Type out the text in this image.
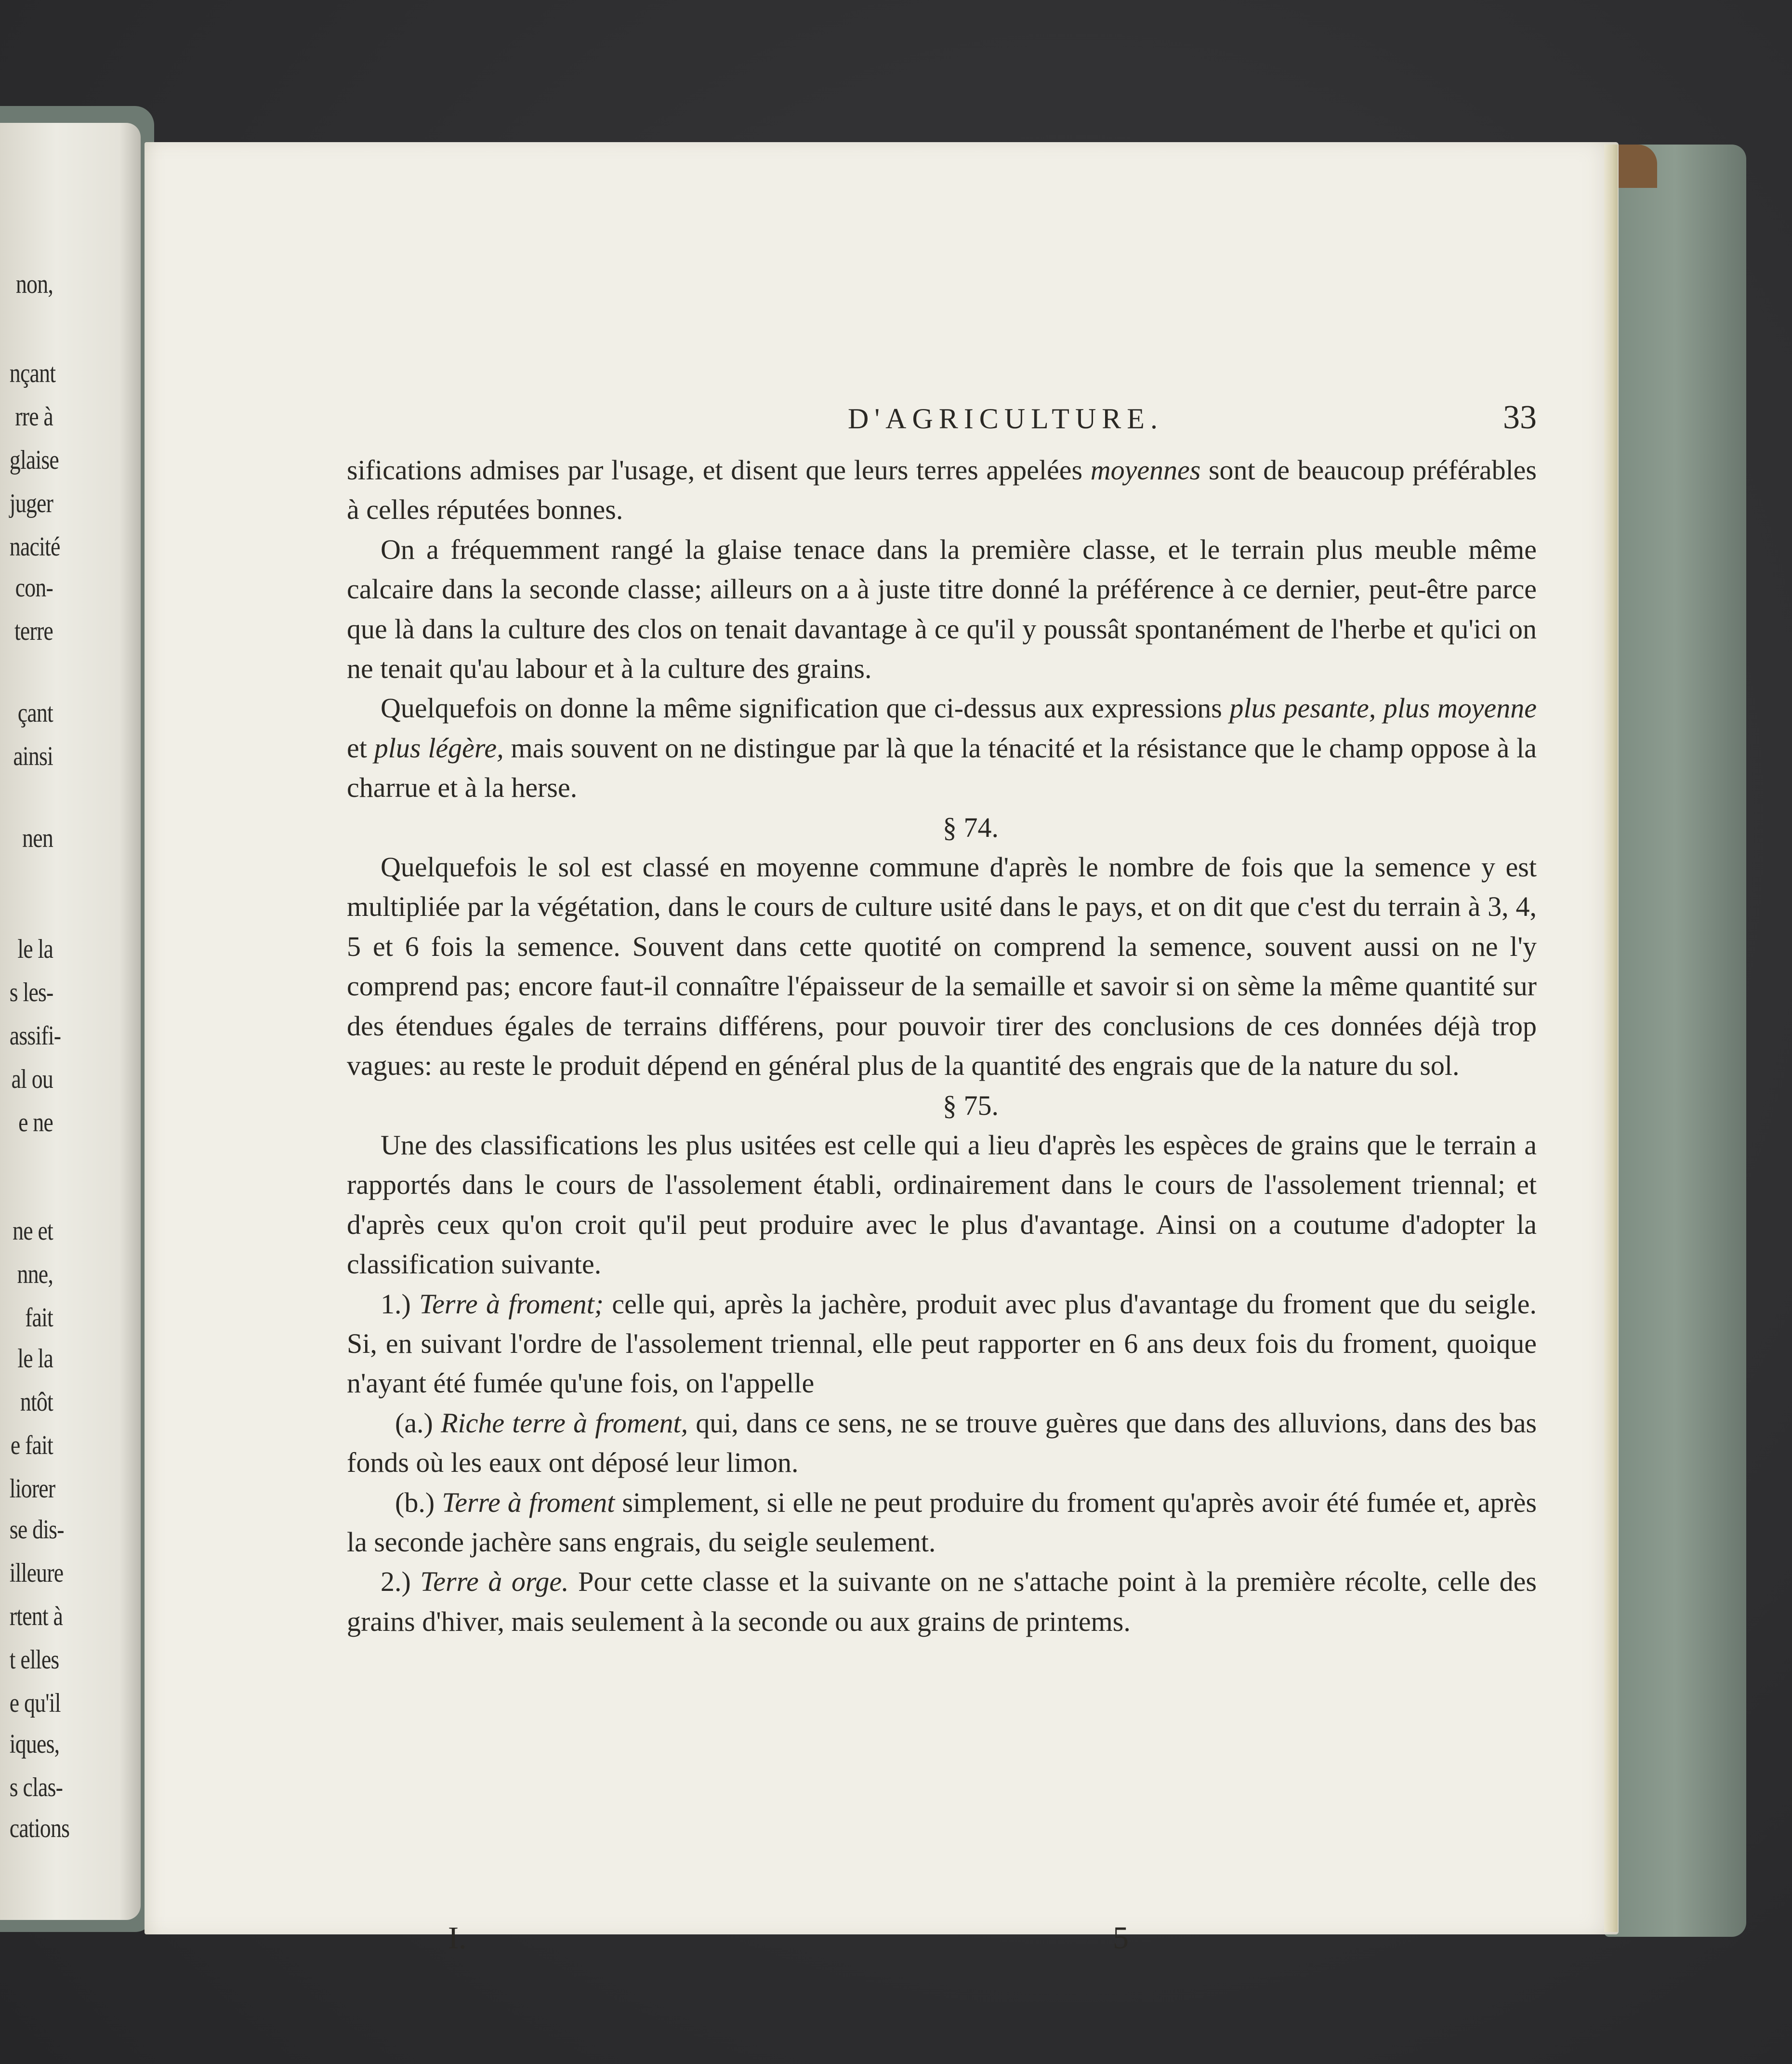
non,
nçant
rre à
glaise
juger
nacité
con-
terre
çant
ainsi
nen
le la
s les-
assifi-
al ou
e ne
ne et
nne,
fait
le la
ntôt
e fait
liorer
se dis-
illeure
rtent à
t elles
e qu'il
iques,
s clas-
cations
D'AGRICULTURE.	33

sifications admises par l'usage, et disent que leurs terres appelées moyennes sont de beaucoup préférables à celles réputées bonnes.

On a fréquemment rangé la glaise tenace dans la première classe, et le terrain plus meuble même calcaire dans la seconde classe; ailleurs on a à juste titre donné la préférence à ce dernier, peut-être parce que là dans la culture des clos on tenait davantage à ce qu'il y poussât spontanément de l'herbe et qu'ici on ne tenait qu'au labour et à la culture des grains.

Quelquefois on donne la même signification que ci-dessus aux expressions plus pesante, plus moyenne et plus légère, mais souvent on ne distingue par là que la ténacité et la résistance que le champ oppose à la charrue et à la herse.

§ 74.

Quelquefois le sol est classé en moyenne commune d'après le nombre de fois que la semence y est multipliée par la végétation, dans le cours de culture usité dans le pays, et on dit que c'est du terrain à 3, 4, 5 et 6 fois la semence. Souvent dans cette quotité on comprend la semence, souvent aussi on ne l'y comprend pas; encore faut-il connaître l'épaisseur de la semaille et savoir si on sème la même quantité sur des étendues égales de terrains différens, pour pouvoir tirer des conclusions de ces données déjà trop vagues: au reste le produit dépend en général plus de la quantité des engrais que de la nature du sol.

§ 75.

Une des classifications les plus usitées est celle qui a lieu d'après les espèces de grains que le terrain a rapportés dans le cours de l'assolement établi, ordinairement dans le cours de l'assolement triennal; et d'après ceux qu'on croit qu'il peut produire avec le plus d'avantage. Ainsi on a coutume d'adopter la classification suivante.

1.) Terre à froment; celle qui, après la jachère, produit avec plus d'avantage du froment que du seigle. Si, en suivant l'ordre de l'assolement triennal, elle peut rapporter en 6 ans deux fois du froment, quoique n'ayant été fumée qu'une fois, on l'appelle

(a.) Riche terre à froment, qui, dans ce sens, ne se trouve guères que dans des alluvions, dans des bas fonds où les eaux ont déposé leur limon.

(b.) Terre à froment simplement, si elle ne peut produire du froment qu'après avoir été fumée et, après la seconde jachère sans engrais, du seigle seulement.

2.) Terre à orge. Pour cette classe et la suivante on ne s'attache point à la première récolte, celle des grains d'hiver, mais seulement à la seconde ou aux grains de printems.

I.	5
